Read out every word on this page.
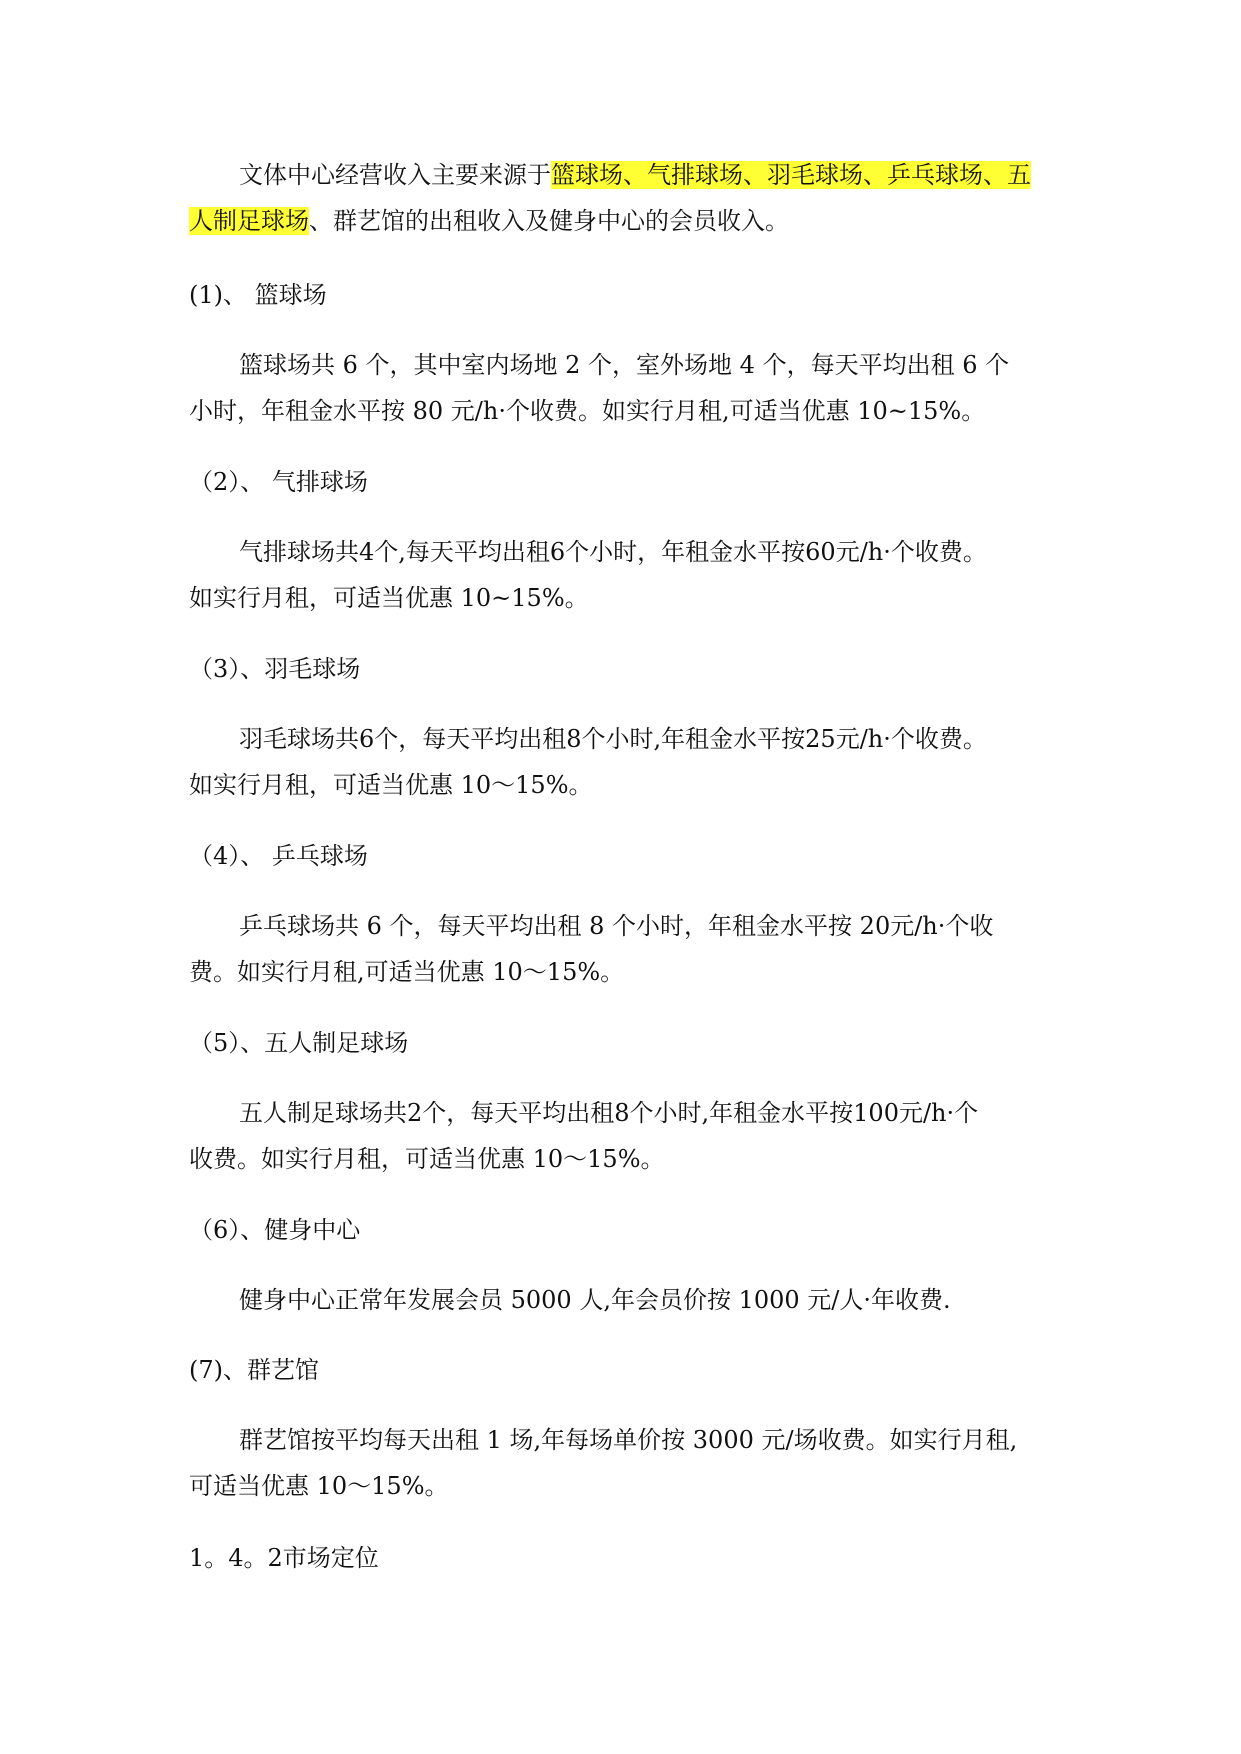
文体中心经营收入主要来源于篮球场、气排球场、羽毛球场、乒乓球场、五
人制足球场、群艺馆的出租收入及健身中心的会员收入。
(1)、 篮球场
篮球场共 6 个，其中室内场地 2 个，室外场地 4 个，每天平均出租 6 个
小时，年租金水平按 80 元/h·个收费。如实行月租,可适当优惠 10~15%。
（2）、 气排球场
气排球场共4个,每天平均出租6个小时，年租金水平按60元/h·个收费。
如实行月租，可适当优惠 10~15%。
（3）、羽毛球场
羽毛球场共6个，每天平均出租8个小时,年租金水平按25元/h·个收费。
如实行月租，可适当优惠 10～15%。
（4）、 乒乓球场
乒乓球场共 6 个，每天平均出租 8 个小时，年租金水平按 20元/h·个收
费。如实行月租,可适当优惠 10～15%。
（5）、五人制足球场
五人制足球场共2个，每天平均出租8个小时,年租金水平按100元/h·个
收费。如实行月租，可适当优惠 10～15%。
（6）、健身中心
健身中心正常年发展会员 5000 人,年会员价按 1000 元/人·年收费.
(7)、群艺馆
群艺馆按平均每天出租 1 场,年每场单价按 3000 元/场收费。如实行月租,
可适当优惠 10～15%。
1。4。2市场定位
